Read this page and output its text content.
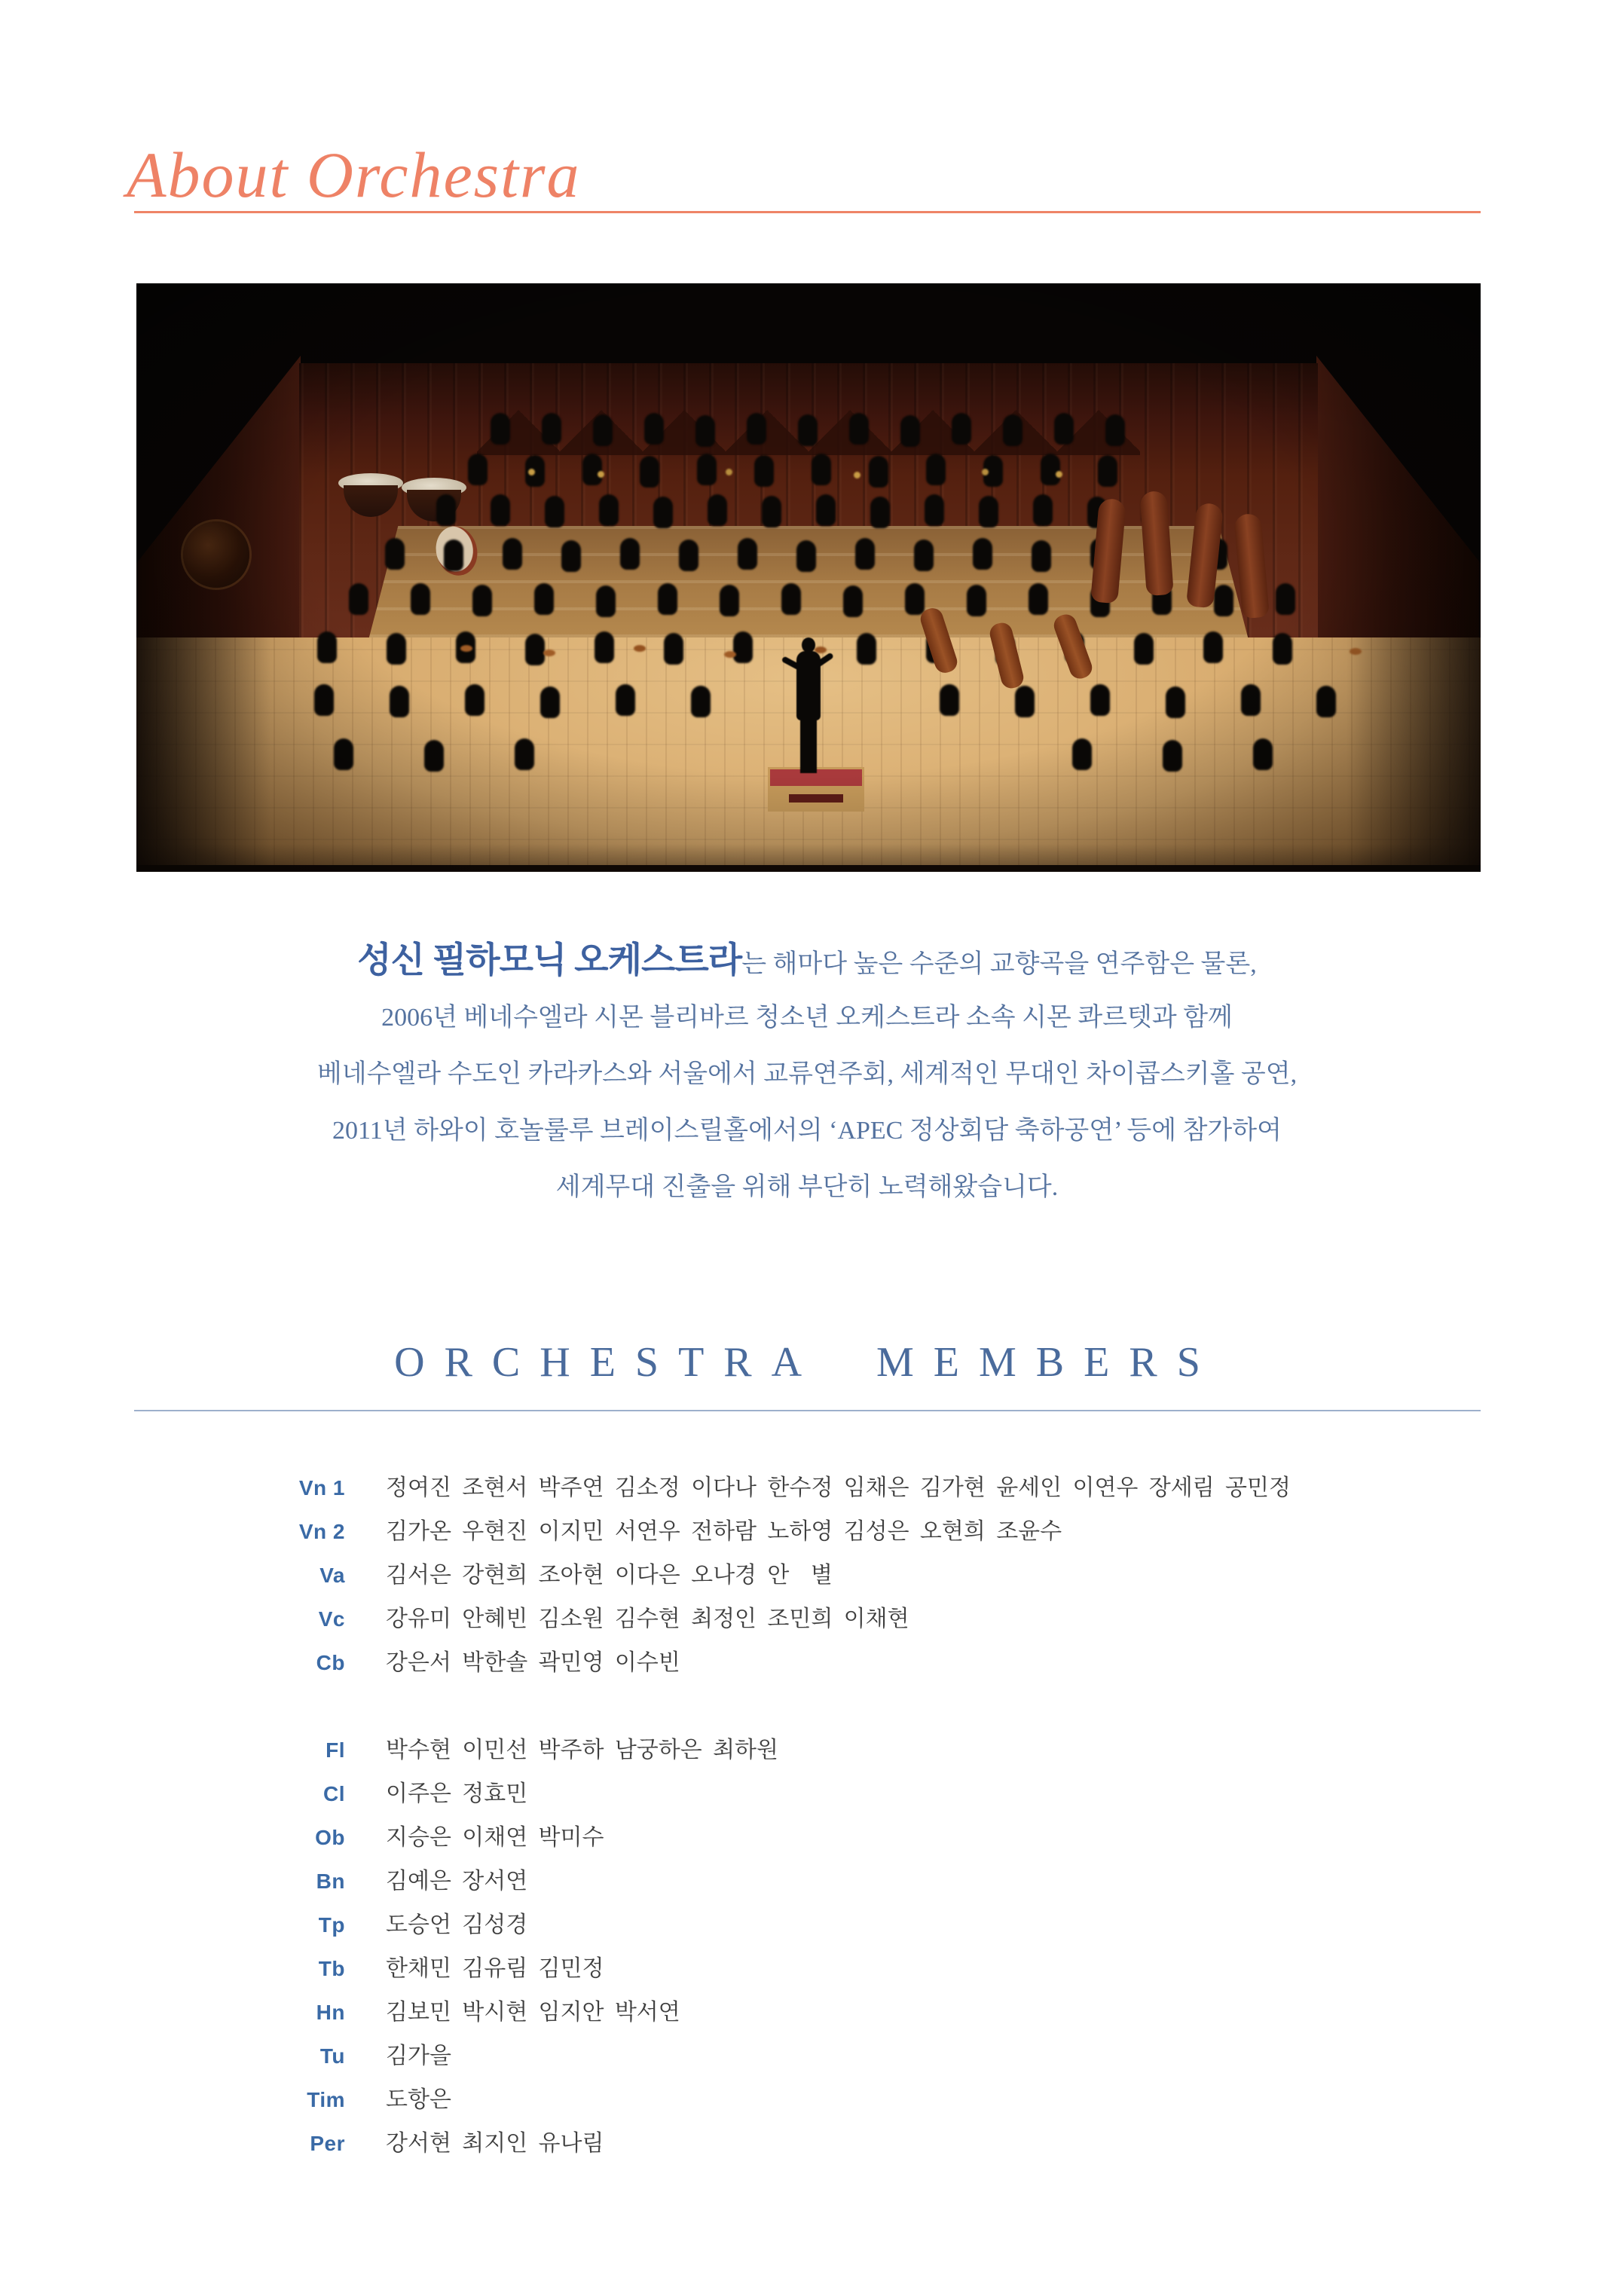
About Orchestra
성신 필하모닉 오케스트라는 해마다 높은 수준의 교향곡을 연주함은 물론,
2006년 베네수엘라 시몬 블리바르 청소년 오케스트라 소속 시몬 콰르텟과 함께
베네수엘라 수도인 카라카스와 서울에서 교류연주회, 세계적인 무대인 차이콥스키홀 공연,
2011년 하와이 호놀룰루 브레이스릴홀에서의 ‘APEC 정상회담 축하공연’ 등에 참가하여
세계무대 진출을 위해 부단히 노력해왔습니다.
ORCHESTRA MEMBERS
Vn 1 정여진 조현서 박주연 김소정 이다나 한수정 임채은 김가현 윤세인 이연우 장세림 공민정
Vn 2 김가온 우현진 이지민 서연우 전하람 노하영 김성은 오현희 조윤수
Va 김서은 강현희 조아현 이다은 오나경 안  별
Vc 강유미 안혜빈 김소원 김수현 최정인 조민희 이채현
Cb 강은서 박한솔 곽민영 이수빈
Fl 박수현 이민선 박주하 남궁하은 최하원
Cl 이주은 정효민
Ob 지승은 이채연 박미수
Bn 김예은 장서연
Tp 도승언 김성경
Tb 한채민 김유림 김민정
Hn 김보민 박시현 임지안 박서연
Tu 김가을
Tim 도항은
Per 강서현 최지인 유나림
